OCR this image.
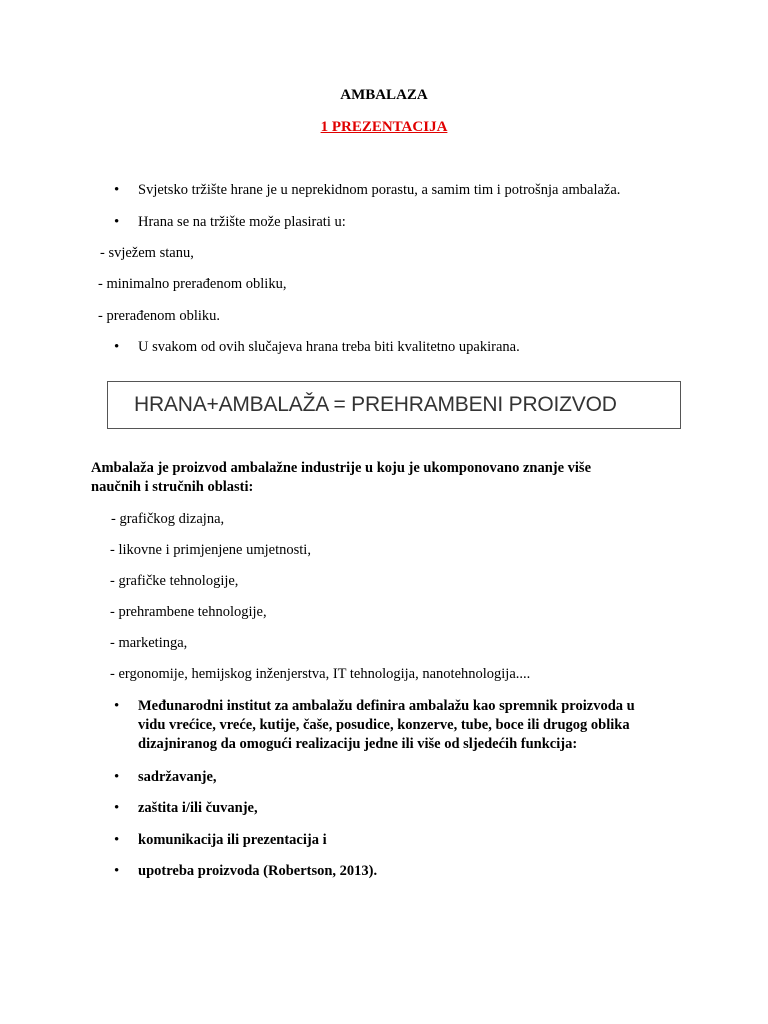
AMBALAZA
1 PREZENTACIJA
• Svjetsko tržište hrane je u neprekidnom porastu, a samim tim i potrošnja ambalaža.
• Hrana se na tržište može plasirati u:
- svježem stanu,
- minimalno prerađenom obliku,
- prerađenom obliku.
• U svakom od ovih slučajeva hrana treba biti kvalitetno upakirana.
HRANA+AMBALAŽA = PREHRAMBENI PROIZVOD
Ambalaža je proizvod ambalažne industrije u koju je ukomponovano znanje više
naučnih i stručnih oblasti:
- grafičkog dizajna,
- likovne i primjenjene umjetnosti,
- grafičke tehnologije,
- prehrambene tehnologije,
- marketinga,
- ergonomije, hemijskog inženjerstva, IT tehnologija, nanotehnologija....
• Međunarodni institut za ambalažu definira ambalažu kao spremnik proizvoda u
vidu vrećice, vreće, kutije, čaše, posudice, konzerve, tube, boce ili drugog oblika
dizajniranog da omogući realizaciju jedne ili više od sljedećih funkcija:
• sadržavanje,
• zaštita i/ili čuvanje,
• komunikacija ili prezentacija i
• upotreba proizvoda (Robertson, 2013).
